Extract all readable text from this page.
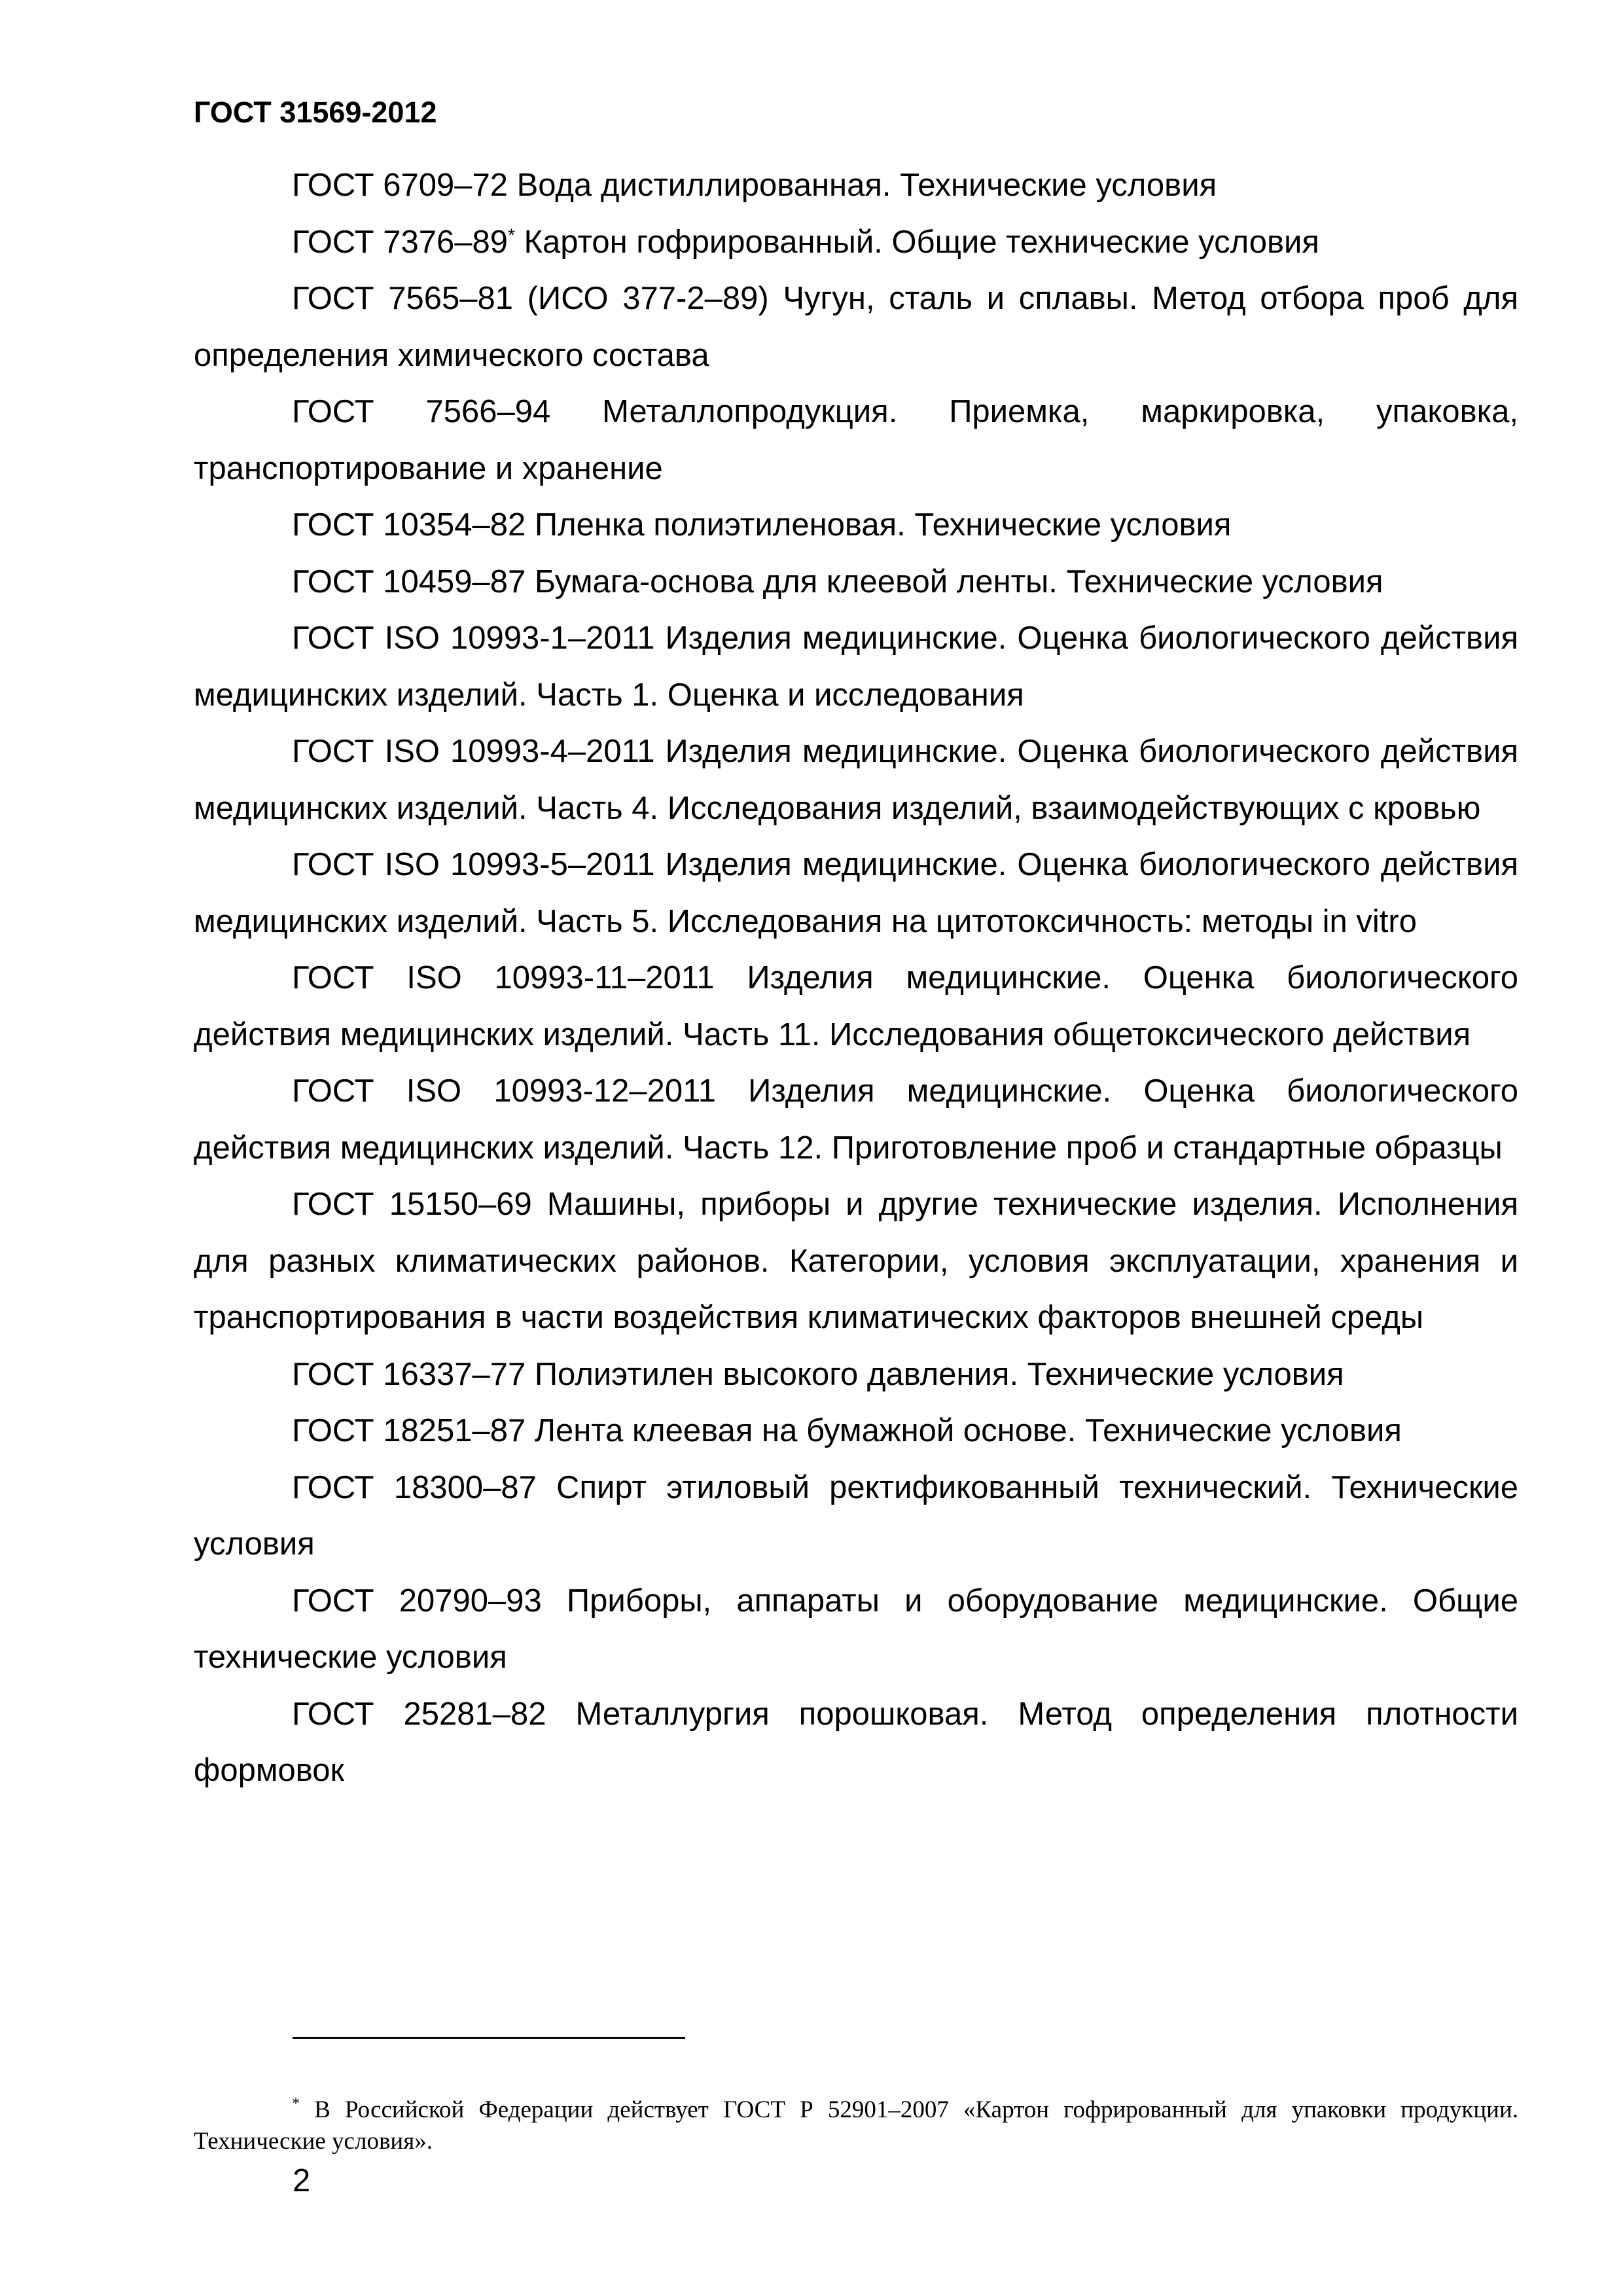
ГОСТ 31569-2012

ГОСТ 6709–72 Вода дистиллированная. Технические условия

ГОСТ 7376–89* Картон гофрированный. Общие технические условия

ГОСТ 7565–81 (ИСО 377-2–89) Чугун, сталь и сплавы. Метод отбора проб для определения химического состава

ГОСТ 7566–94 Металлопродукция. Приемка, маркировка, упаковка, транспортирование и хранение

ГОСТ 10354–82 Пленка полиэтиленовая. Технические условия

ГОСТ 10459–87 Бумага-основа для клеевой ленты. Технические условия

ГОСТ ISO 10993-1–2011 Изделия медицинские. Оценка биологического действия медицинских изделий. Часть 1. Оценка и исследования

ГОСТ ISO 10993-4–2011 Изделия медицинские. Оценка биологического действия медицинских изделий. Часть 4. Исследования изделий, взаимодействующих с кровью

ГОСТ ISO 10993-5–2011 Изделия медицинские. Оценка биологического действия медицинских изделий. Часть 5. Исследования на цитотоксичность: методы in vitro

ГОСТ ISO 10993-11–2011 Изделия медицинские. Оценка биологического действия медицинских изделий. Часть 11. Исследования общетоксического действия

ГОСТ ISO 10993-12–2011 Изделия медицинские. Оценка биологического действия медицинских изделий. Часть 12. Приготовление проб и стандартные образцы

ГОСТ 15150–69 Машины, приборы и другие технические изделия. Исполнения для разных климатических районов. Категории, условия эксплуатации, хранения и транспортирования в части воздействия климатических факторов внешней среды

ГОСТ 16337–77 Полиэтилен высокого давления. Технические условия

ГОСТ 18251–87 Лента клеевая на бумажной основе. Технические условия

ГОСТ 18300–87 Спирт этиловый ректификованный технический. Технические условия

ГОСТ 20790–93 Приборы, аппараты и оборудование медицинские. Общие технические условия

ГОСТ 25281–82 Металлургия порошковая. Метод определения плотности формовок

* В Российской Федерации действует ГОСТ Р 52901–2007 «Картон гофрированный для упаковки продукции. Технические условия».

2
